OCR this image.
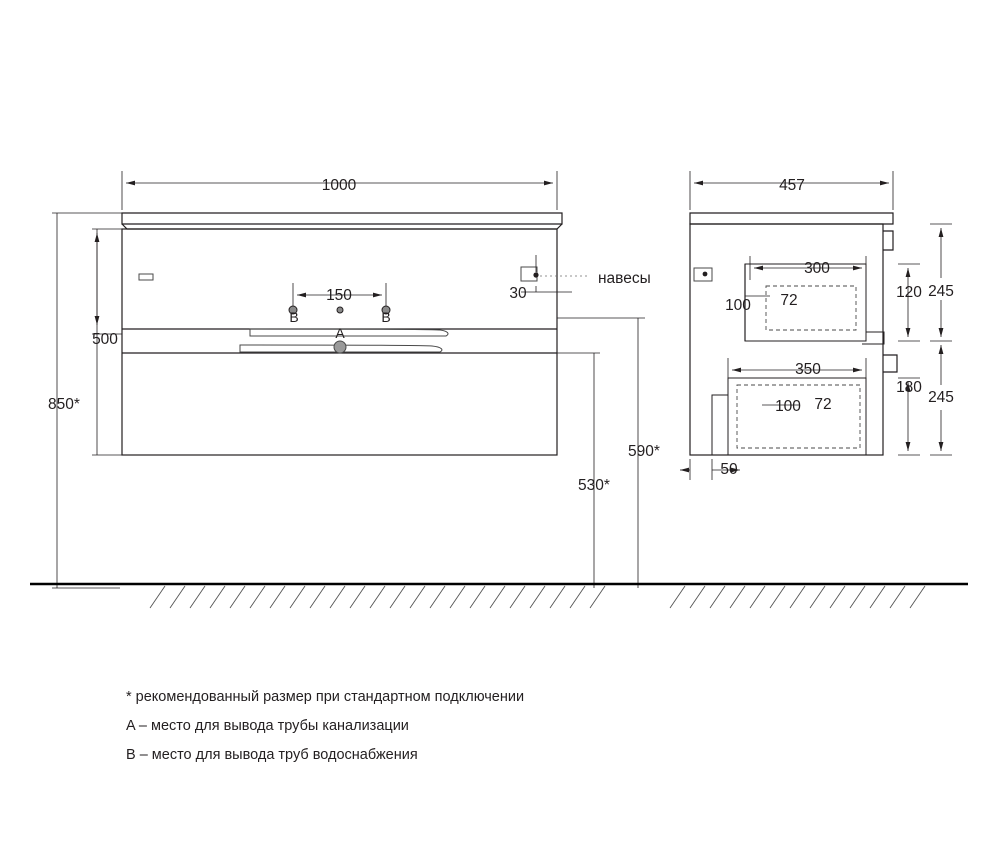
1000
500
850*
150	30
530*
590*
457
300
350
100
100
72
72
120
180
245
245
50
навесы
A
B	B
* рекомендованный размер при стандартном подключении
A – место для вывода трубы канализации
B – место для вывода труб водоснабжения
